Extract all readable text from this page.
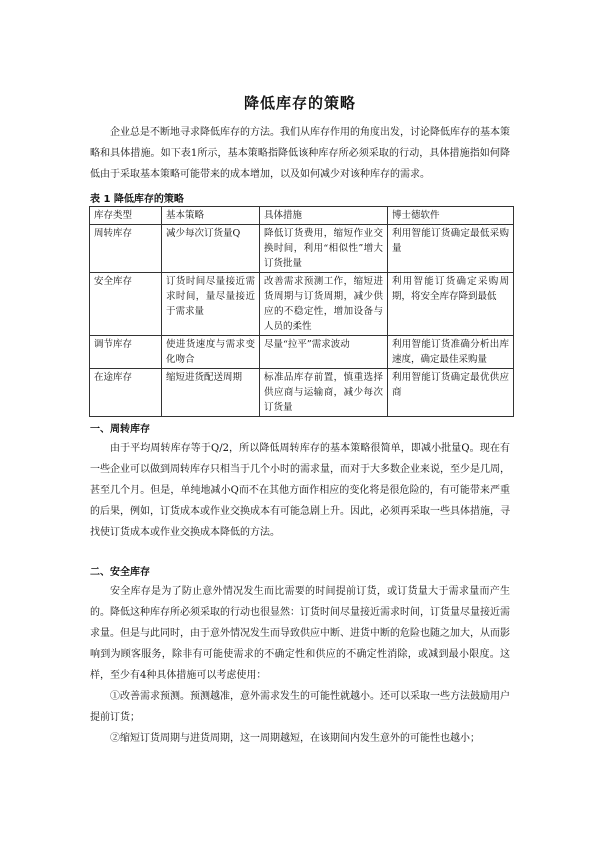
降低库存的策略

企业总是不断地寻求降低库存的方法。我们从库存作用的角度出发，讨论降低库存的基本策略和具体措施。如下表1所示，基本策略指降低该种库存所必须采取的行动，具体措施指如何降低由于采取基本策略可能带来的成本增加，以及如何减少对该种库存的需求。

表 1 降低库存的策略
库存类型	基本策略	具体措施	博士德软件
周转库存	减少每次订货量Q	降低订货费用，缩短作业交换时间，利用“相似性”增大订货批量	利用智能订货确定最低采购量
安全库存	订货时间尽量接近需求时间，量尽量接近于需求量	改善需求预测工作，缩短进货周期与订货周期，减少供应的不稳定性，增加设备与人员的柔性	利用智能订货确定采购周期，将安全库存降到最低
调节库存	使进货速度与需求变化吻合	尽量“拉平”需求波动	利用智能订货准确分析出库速度，确定最佳采购量
在途库存	缩短进货配送周期	标准品库存前置，慎重选择供应商与运输商，减少每次订货量	利用智能订货确定最优供应商
一、周转库存

由于平均周转库存等于Q/2，所以降低周转库存的基本策略很简单，即减小批量Q。现在有一些企业可以做到周转库存只相当于几个小时的需求量，而对于大多数企业来说，至少是几周，甚至几个月。但是，单纯地减小Q而不在其他方面作相应的变化将是很危险的，有可能带来严重的后果，例如，订货成本或作业交换成本有可能急剧上升。因此，必须再采取一些具体措施，寻找使订货成本或作业交换成本降低的方法。

二、安全库存

安全库存是为了防止意外情况发生而比需要的时间提前订货，或订货量大于需求量而产生的。降低这种库存所必须采取的行动也很显然：订货时间尽量接近需求时间，订货量尽量接近需求量。但是与此同时，由于意外情况发生而导致供应中断、进货中断的危险也随之加大，从而影响到为顾客服务，除非有可能使需求的不确定性和供应的不确定性消除，或减到最小限度。这样，至少有4种具体措施可以考虑使用：

①改善需求预测。预测越准，意外需求发生的可能性就越小。还可以采取一些方法鼓励用户提前订货；

②缩短订货周期与进货周期，这一周期越短，在该期间内发生意外的可能性也越小；
